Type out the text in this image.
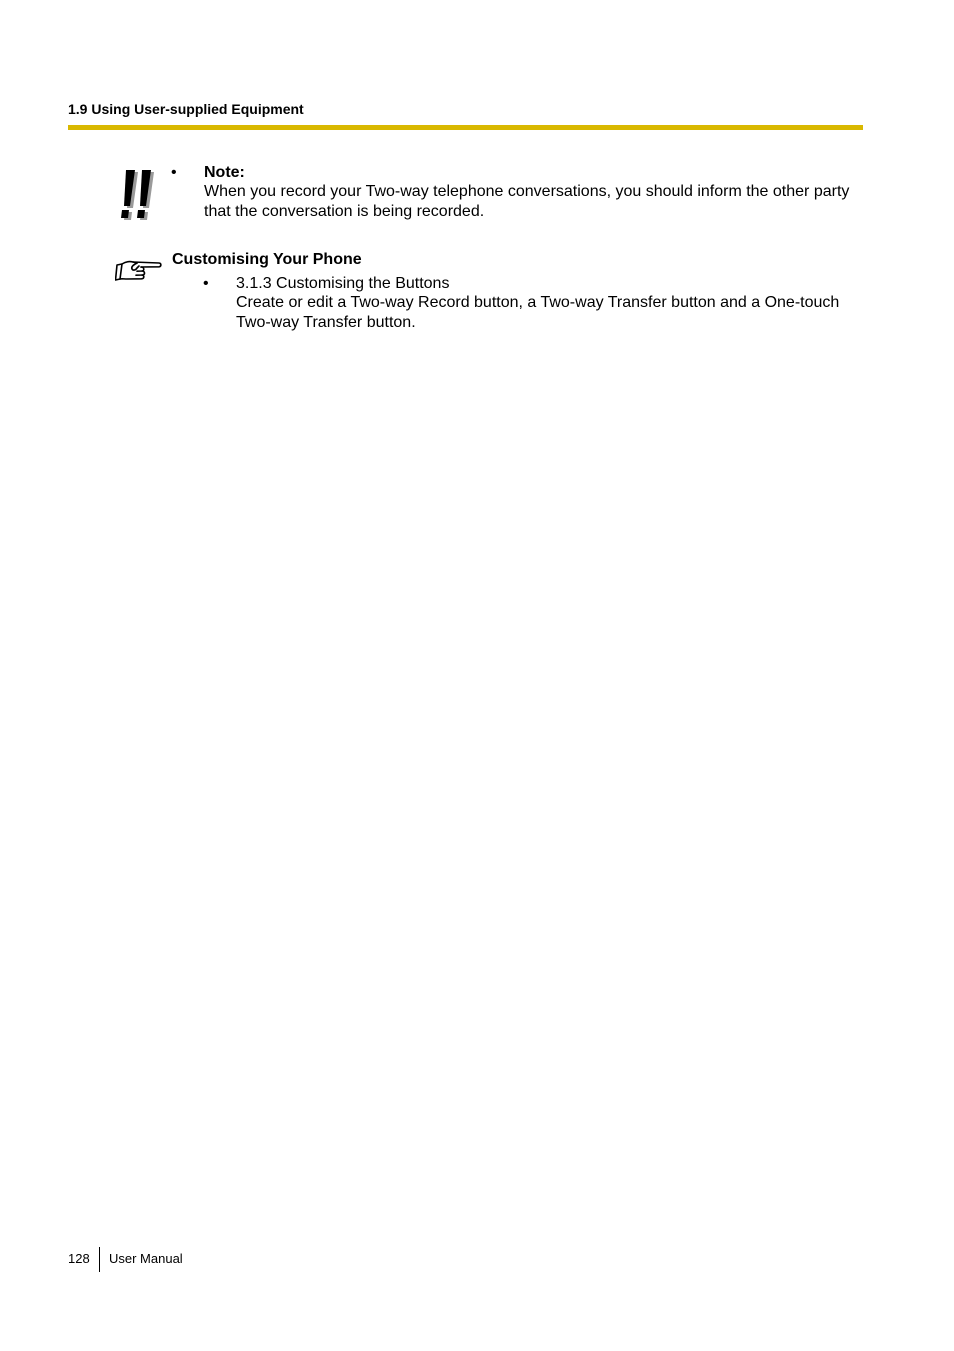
1.9 Using User-supplied Equipment
• Note:
When you record your Two-way telephone conversations, you should inform the other party that the conversation is being recorded.
Customising Your Phone
• 3.1.3 Customising the Buttons
Create or edit a Two-way Record button, a Two-way Transfer button and a One-touch Two-way Transfer button.
128 User Manual
